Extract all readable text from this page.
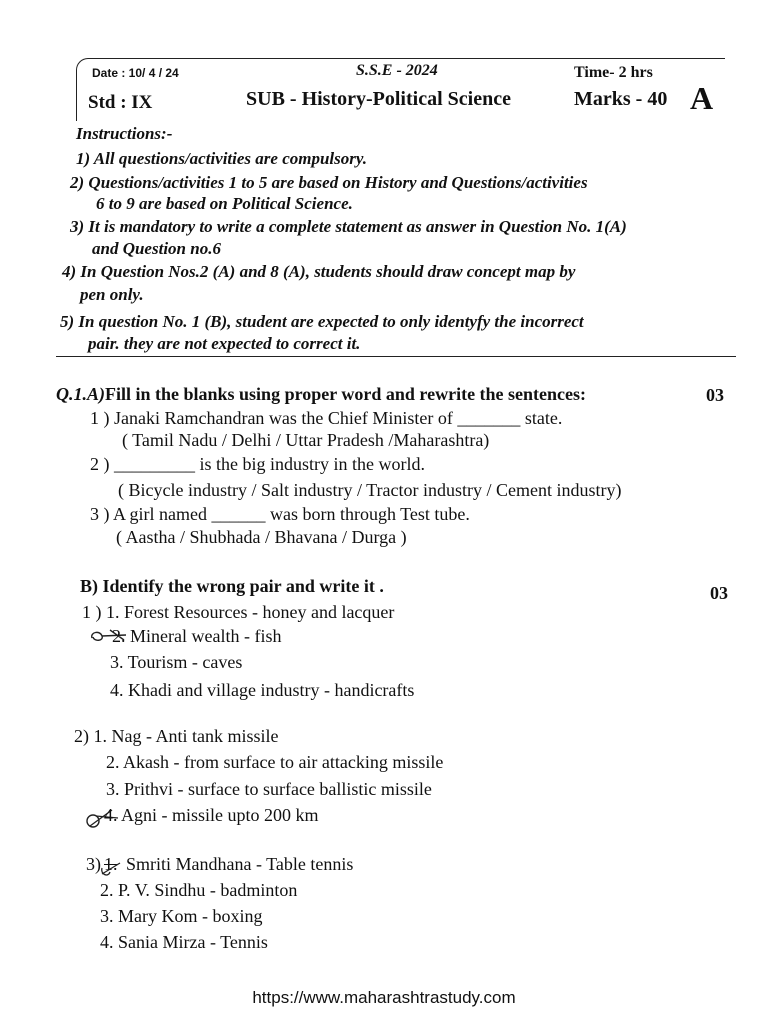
Date : 10/ 4 / 24	S.S.E - 2024	Time- 2 hrs
Std : IX	SUB - History-Political Science	Marks - 40 A
Instructions:-
1) All questions/activities are compulsory.
2) Questions/activities 1 to 5 are based on History and Questions/activities
6 to 9 are based on Political Science.
3) It is mandatory to write a complete statement as answer in Question No. 1(A)
and Question no.6
4) In Question Nos.2 (A) and 8 (A), students should draw concept map by
pen only.
5) In question No. 1 (B), student are expected to only identyfy the incorrect
pair. they are not expected to correct it.
Q.1.A)Fill in the blanks using proper word and rewrite the sentences:	03
1 ) Janaki Ramchandran was the Chief Minister of _______ state.
( Tamil Nadu / Delhi / Uttar Pradesh /Maharashtra)
2 ) _________ is the big industry in the world.
( Bicycle industry / Salt industry / Tractor industry / Cement industry)
3 ) A girl named ______ was born through Test tube.
( Aastha / Shubhada / Bhavana / Durga )
B) Identify the wrong pair and write it .	03
1 ) 1. Forest Resources - honey and lacquer
2. Mineral wealth - fish
3. Tourism - caves
4. Khadi and village industry - handicrafts
2) 1. Nag - Anti tank missile
2. Akash - from surface to air attacking missile
3. Prithvi - surface to surface ballistic missile
4. Agni - missile upto 200 km
3) 1. Smriti Mandhana - Table tennis
2. P. V. Sindhu - badminton
3. Mary Kom - boxing
4. Sania Mirza - Tennis
https://www.maharashtrastudy.com
